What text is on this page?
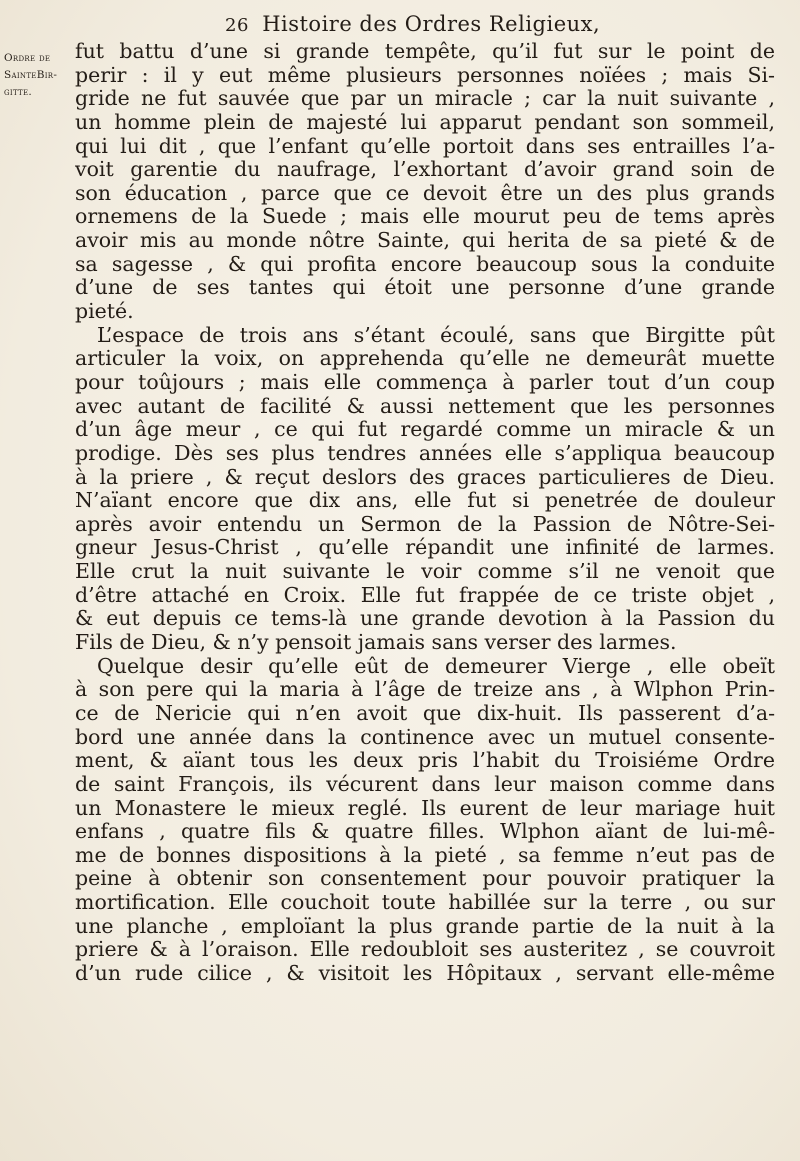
26 Histoire des Ordres Religieux,
Ordre de
SainteBir-
gitte.
fut battu d’une si grande tempête, qu’il fut sur le point de
perir : il y eut même plusieurs personnes noïées ; mais Si-
gride ne fut sauvée que par un miracle ; car la nuit suivante ,
un homme plein de majesté lui apparut pendant son sommeil,
qui lui dit , que l’enfant qu’elle portoit dans ses entrailles l’a-
voit garentie du naufrage, l’exhortant d’avoir grand soin de
son éducation , parce que ce devoit être un des plus grands
ornemens de la Suede ; mais elle mourut peu de tems après
avoir mis au monde nôtre Sainte, qui herita de sa pieté & de
sa sagesse , & qui profita encore beaucoup sous la conduite
d’une de ses tantes qui étoit une personne d’une grande
pieté.
L’espace de trois ans s’étant écoulé, sans que Birgitte pût
articuler la voix, on apprehenda qu’elle ne demeurât muette
pour toûjours ; mais elle commença à parler tout d’un coup
avec autant de facilité & aussi nettement que les personnes
d’un âge meur , ce qui fut regardé comme un miracle & un
prodige. Dès ses plus tendres années elle s’appliqua beaucoup
à la priere , & reçut deslors des graces particulieres de Dieu.
N’aïant encore que dix ans, elle fut si penetrée de douleur
après avoir entendu un Sermon de la Passion de Nôtre-Sei-
gneur Jesus-Christ , qu’elle répandit une infinité de larmes.
Elle crut la nuit suivante le voir comme s’il ne venoit que
d’être attaché en Croix. Elle fut frappée de ce triste objet ,
& eut depuis ce tems-là une grande devotion à la Passion du
Fils de Dieu, & n’y pensoit jamais sans verser des larmes.
Quelque desir qu’elle eût de demeurer Vierge , elle obeït
à son pere qui la maria à l’âge de treize ans , à Wlphon Prin-
ce de Nericie qui n’en avoit que dix-huit. Ils passerent d’a-
bord une année dans la continence avec un mutuel consente-
ment, & aïant tous les deux pris l’habit du Troisiéme Ordre
de saint François, ils vécurent dans leur maison comme dans
un Monastere le mieux reglé. Ils eurent de leur mariage huit
enfans , quatre fils & quatre filles. Wlphon aïant de lui-mê-
me de bonnes dispositions à la pieté , sa femme n’eut pas de
peine à obtenir son consentement pour pouvoir pratiquer la
mortification. Elle couchoit toute habillée sur la terre , ou sur
une planche , emploïant la plus grande partie de la nuit à la
priere & à l’oraison. Elle redoubloit ses austeritez , se couvroit
d’un rude cilice , & visitoit les Hôpitaux , servant elle-même
